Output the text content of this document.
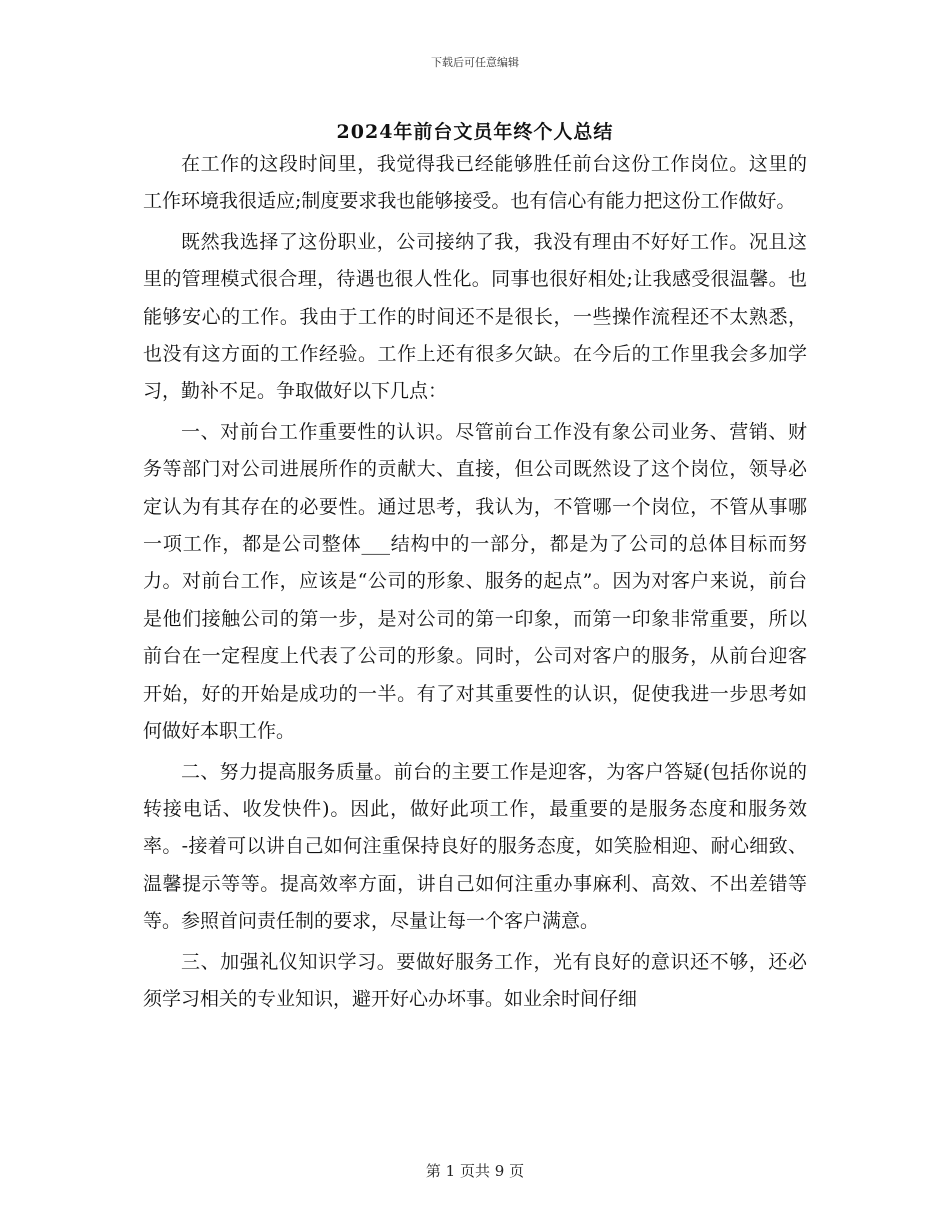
下载后可任意编辑
2024年前台文员年终个人总结

在工作的这段时间里，我觉得我已经能够胜任前台这份工作岗位。这里的工作环境我很适应;制度要求我也能够接受。也有信心有能力把这份工作做好。

既然我选择了这份职业，公司接纳了我，我没有理由不好好工作。况且这里的管理模式很合理，待遇也很人性化。同事也很好相处;让我感受很温馨。也能够安心的工作。我由于工作的时间还不是很长，一些操作流程还不太熟悉，也没有这方面的工作经验。工作上还有很多欠缺。在今后的工作里我会多加学习，勤补不足。争取做好以下几点：

一、对前台工作重要性的认识。尽管前台工作没有象公司业务、营销、财务等部门对公司进展所作的贡献大、直接，但公司既然设了这个岗位，领导必定认为有其存在的必要性。通过思考，我认为，不管哪一个岗位，不管从事哪一项工作，都是公司整体___结构中的一部分，都是为了公司的总体目标而努力。对前台工作，应该是“公司的形象、服务的起点”。因为对客户来说，前台是他们接触公司的第一步，是对公司的第一印象，而第一印象非常重要，所以前台在一定程度上代表了公司的形象。同时，公司对客户的服务，从前台迎客开始，好的开始是成功的一半。有了对其重要性的认识，促使我进一步思考如何做好本职工作。

二、努力提高服务质量。前台的主要工作是迎客，为客户答疑(包括你说的转接电话、收发快件)。因此，做好此项工作，最重要的是服务态度和服务效率。-接着可以讲自己如何注重保持良好的服务态度，如笑脸相迎、耐心细致、温馨提示等等。提高效率方面，讲自己如何注重办事麻利、高效、不出差错等等。参照首问责任制的要求，尽量让每一个客户满意。

三、加强礼仪知识学习。要做好服务工作，光有良好的意识还不够，还必须学习相关的专业知识，避开好心办坏事。如业余时间仔细

第 1 页共 9 页
